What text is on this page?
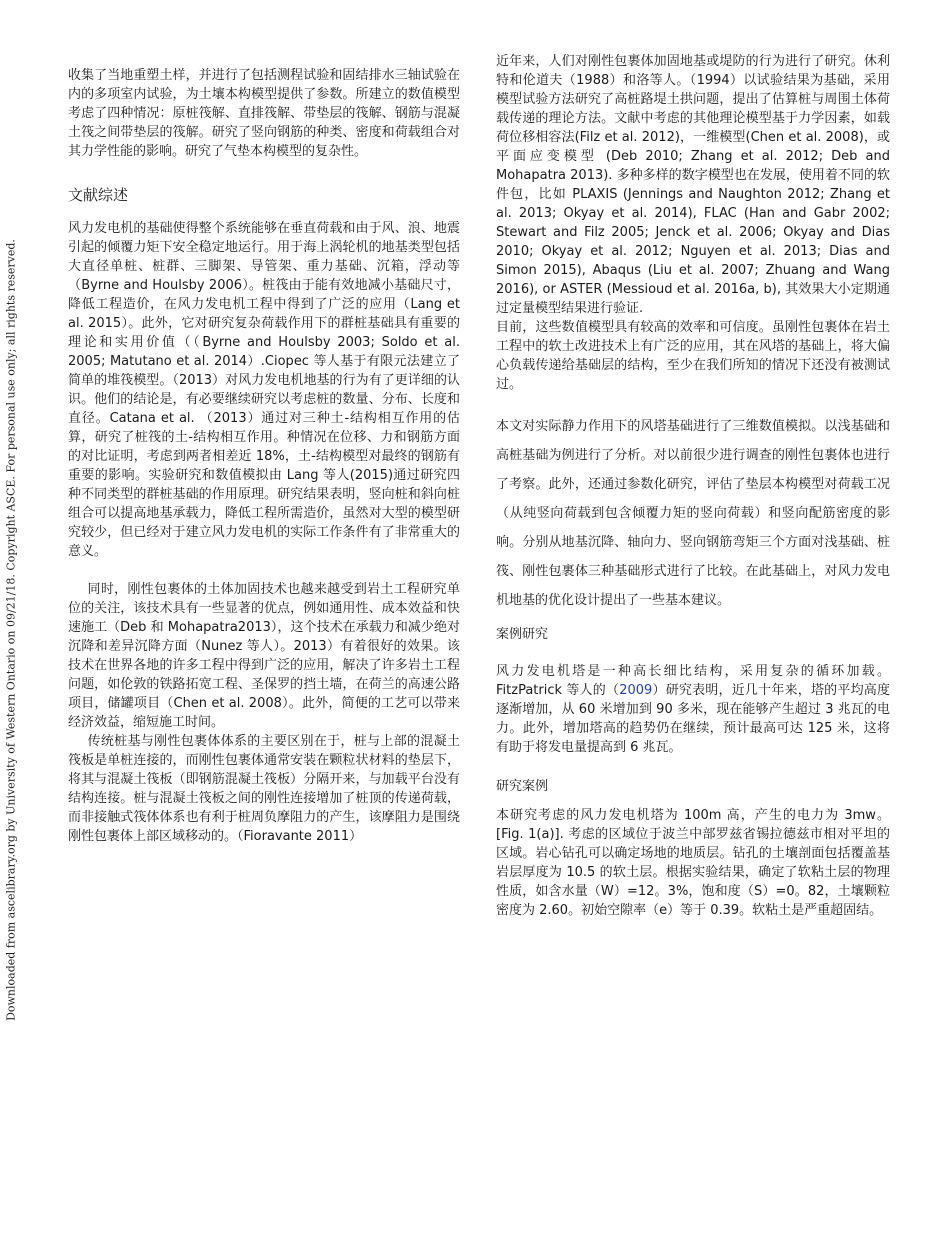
Downloaded from ascelibrary.org by University of Western Ontario on 09/21/18. Copyright ASCE. For personal use only; all rights reserved.

收集了当地重塑土样，并进行了包括测程试验和固结排水三轴试验在内的多项室内试验，为土壤本构模型提供了参数。所建立的数值模型考虑了四种情况：原桩筏解、直排筏解、带垫层的筏解、钢筋与混凝土筏之间带垫层的筏解。研究了竖向钢筋的种类、密度和荷载组合对其力学性能的影响。研究了气垫本构模型的复杂性。

文献综述

风力发电机的基础使得整个系统能够在垂直荷载和由于风、浪、地震引起的倾覆力矩下安全稳定地运行。用于海上涡轮机的地基类型包括大直径单桩、桩群、三脚架、导管架、重力基础、沉箱，浮动等（Byrne and Houlsby 2006）。桩筏由于能有效地减小基础尺寸，降低工程造价，在风力发电机工程中得到了广泛的应用（Lang et al. 2015）。此外，它对研究复杂荷载作用下的群桩基础具有重要的理论和实用价值（（Byrne and Houlsby 2003; Soldo et al. 2005; Matutano et al. 2014）.Ciopec 等人基于有限元法建立了简单的堆筏模型。（2013）对风力发电机地基的行为有了更详细的认识。他们的结论是，有必要继续研究以考虑桩的数量、分布、长度和直径。Catana et al. （2013）通过对三种土-结构相互作用的估算，研究了桩筏的土-结构相互作用。种情况在位移、力和钢筋方面的对比证明，考虑到两者相差近 18%，土-结构模型对最终的钢筋有重要的影响。实验研究和数值模拟由 Lang 等人(2015)通过研究四种不同类型的群桩基础的作用原理。研究结果表明，竖向桩和斜向桩组合可以提高地基承载力，降低工程所需造价，虽然对大型的模型研究较少，但已经对于建立风力发电机的实际工作条件有了非常重大的意义。

同时，刚性包裹体的土体加固技术也越来越受到岩土工程研究单位的关注，该技术具有一些显著的优点，例如通用性、成本效益和快速施工（Deb 和 Mohapatra2013），这个技术在承载力和减少绝对沉降和差异沉降方面（Nunez 等人）。2013）有着很好的效果。该技术在世界各地的许多工程中得到广泛的应用，解决了许多岩土工程问题，如伦敦的铁路拓宽工程、圣保罗的挡土墙，在荷兰的高速公路项目，储罐项目（Chen et al. 2008）。此外，简便的工艺可以带来经济效益，缩短施工时间。

传统桩基与刚性包裹体体系的主要区别在于，桩与上部的混凝土筏板是单桩连接的，而刚性包裹体通常安装在颗粒状材料的垫层下，将其与混凝土筏板（即钢筋混凝土筏板）分隔开来，与加载平台没有结构连接。桩与混凝土筏板之间的刚性连接增加了桩顶的传递荷载，而非接触式筏体体系也有利于桩周负摩阻力的产生，该摩阻力是围绕刚性包裹体上部区域移动的。（Fioravante 2011）

近年来，人们对刚性包裹体加固地基或堤防的行为进行了研究。休利特和伦道夫（1988）和洛等人。（1994）以试验结果为基础，采用模型试验方法研究了高桩路堤土拱问题，提出了估算桩与周围土体荷载传递的理论方法。文献中考虑的其他理论模型基于力学因素，如载荷位移相容法(Filz et al. 2012)，一维模型(Chen et al. 2008)，或平面应变模型 (Deb 2010; Zhang et al. 2012; Deb and Mohapatra 2013). 多种多样的数字模型也在发展，使用着不同的软件包，比如 PLAXIS (Jennings and Naughton 2012; Zhang et al. 2013; Okyay et al. 2014), FLAC (Han and Gabr 2002; Stewart and Filz 2005; Jenck et al. 2006; Okyay and Dias 2010; Okyay et al. 2012; Nguyen et al. 2013; Dias and Simon 2015), Abaqus (Liu et al. 2007; Zhuang and Wang 2016), or ASTER (Messioud et al. 2016a, b), 其效果大小定期通过定量模型结果进行验证.

目前，这些数值模型具有较高的效率和可信度。虽刚性包裹体在岩土工程中的软土改进技术上有广泛的应用，其在风塔的基础上，将大偏心负载传递给基础层的结构，至少在我们所知的情况下还没有被测试过。

本文对实际静力作用下的风塔基础进行了三维数值模拟。以浅基础和高桩基础为例进行了分析。对以前很少进行调查的刚性包裹体也进行了考察。此外，还通过参数化研究，评估了垫层本构模型对荷载工况（从纯竖向荷载到包含倾覆力矩的竖向荷载）和竖向配筋密度的影响。分别从地基沉降、轴向力、竖向钢筋弯矩三个方面对浅基础、桩筏、刚性包裹体三种基础形式进行了比较。在此基础上，对风力发电机地基的优化设计提出了一些基本建议。

案例研究

风力发电机塔是一种高长细比结构，采用复杂的循环加载。FitzPatrick 等人的（2009）研究表明，近几十年来，塔的平均高度逐渐增加，从 60 米增加到 90 多米，现在能够产生超过 3 兆瓦的电力。此外，增加塔高的趋势仍在继续，预计最高可达 125 米，这将有助于将发电量提高到 6 兆瓦。

研究案例

本研究考虑的风力发电机塔为 100m 高，产生的电力为 3mw。[Fig. 1(a)]. 考虑的区域位于波兰中部罗兹省锡拉德兹市相对平坦的区域。岩心钻孔可以确定场地的地质层。钻孔的土壤剖面包括覆盖基岩层厚度为 10.5 的软土层。根据实验结果，确定了软粘土层的物理性质，如含水量（W）=12。3%，饱和度（S）=0。82，土壤颗粒密度为 2.60。初始空隙率（e）等于 0.39。软粘土是严重超固结。
